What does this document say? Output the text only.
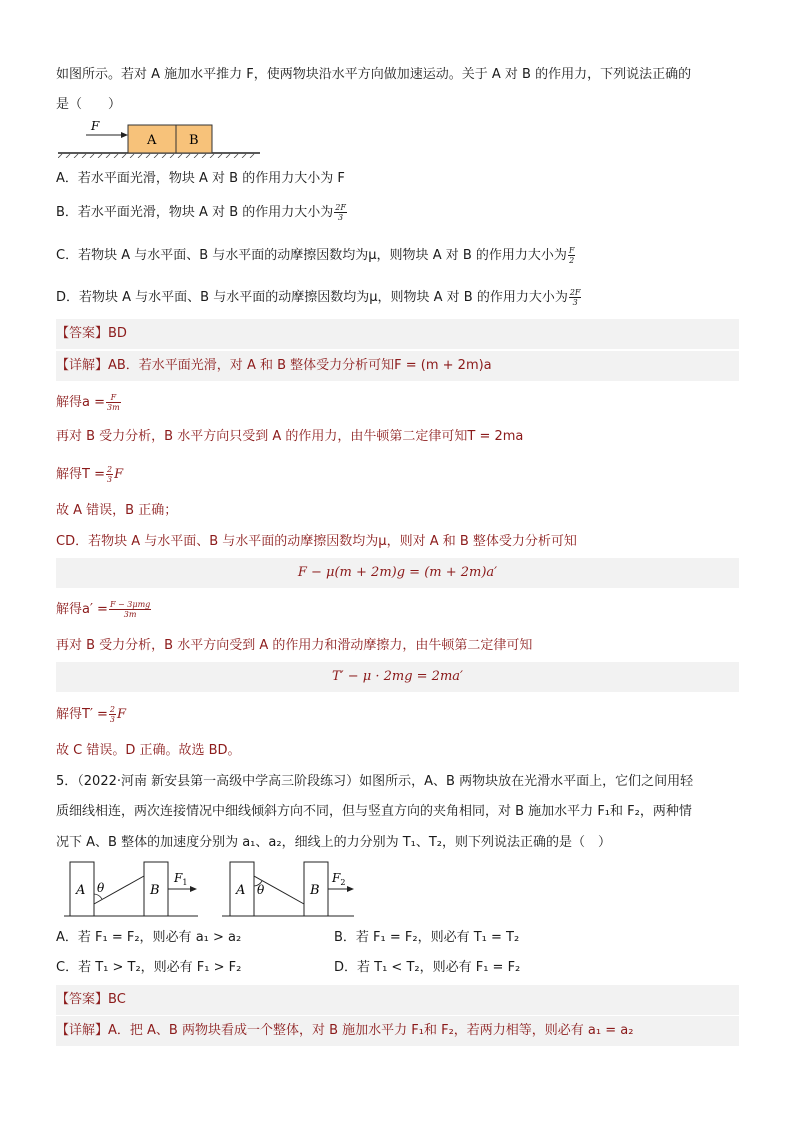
如图所示。若对 A 施加水平推力 F，使两物块沿水平方向做加速运动。关于 A 对 B 的作用力，下列说法正确的
是（　　）
A	B
F
A．若水平面光滑，物块 A 对 B 的作用力大小为 F
B．若水平面光滑，物块 A 对 B 的作用力大小为 $\frac{2F}{3}$
C．若物块 A 与水平面、B 与水平面的动摩擦因数均为μ，则物块 A 对 B 的作用力大小为 $\frac{F}{2}$
D．若物块 A 与水平面、B 与水平面的动摩擦因数均为μ，则物块 A 对 B 的作用力大小为 $\frac{2F}{3}$
【答案】BD
【详解】AB．若水平面光滑，对 A 和 B 整体受力分析可知F = (m + 2m)a
解得$a = \frac{F}{3m}$
再对 B 受力分析，B 水平方向只受到 A 的作用力，由牛顿第二定律可知T = 2ma
解得$T = \frac{2}{3}$ F
故 A 错误，B 正确；
CD．若物块 A 与水平面、B 与水平面的动摩擦因数均为μ，则对 A 和 B 整体受力分析可知
F − μ(m + 2m)g = (m + 2m)a′
解得$a' = \frac{\text{F − 3μmg}}{3m}$
再对 B 受力分析，B 水平方向受到 A 的作用力和滑动摩擦力，由牛顿第二定律可知
T′ − μ · 2mg = 2ma′
解得$T' = \frac{2}{3}$ F
故 C 错误。D 正确。故选 BD。
5．（2022·河南 新安县第一高级中学高三阶段练习）如图所示，A、B 两物块放在光滑水平面上，它们之间用轻
质细线相连，两次连接情况中细线倾斜方向不同，但与竖直方向的夹角相同，对 B 施加水平力 F₁和 F₂，两种情
况下 A、B 整体的加速度分别为 a₁、a₂，细线上的力分别为 T₁、T₂，则下列说法正确的是（　）
A	B
θ
$F_1$
A	B
θ
$F_2$
A．若 F₁ = F₂，则必有 a₁ > a₂	B．若 F₁ = F₂，则必有 T₁ = T₂
C．若 T₁ > T₂，则必有 F₁ > F₂	D．若 T₁ < T₂，则必有 F₁ = F₂
【答案】BC
【详解】A．把 A、B 两物块看成一个整体，对 B 施加水平力 F₁和 F₂，若两力相等，则必有 a₁ = a₂
